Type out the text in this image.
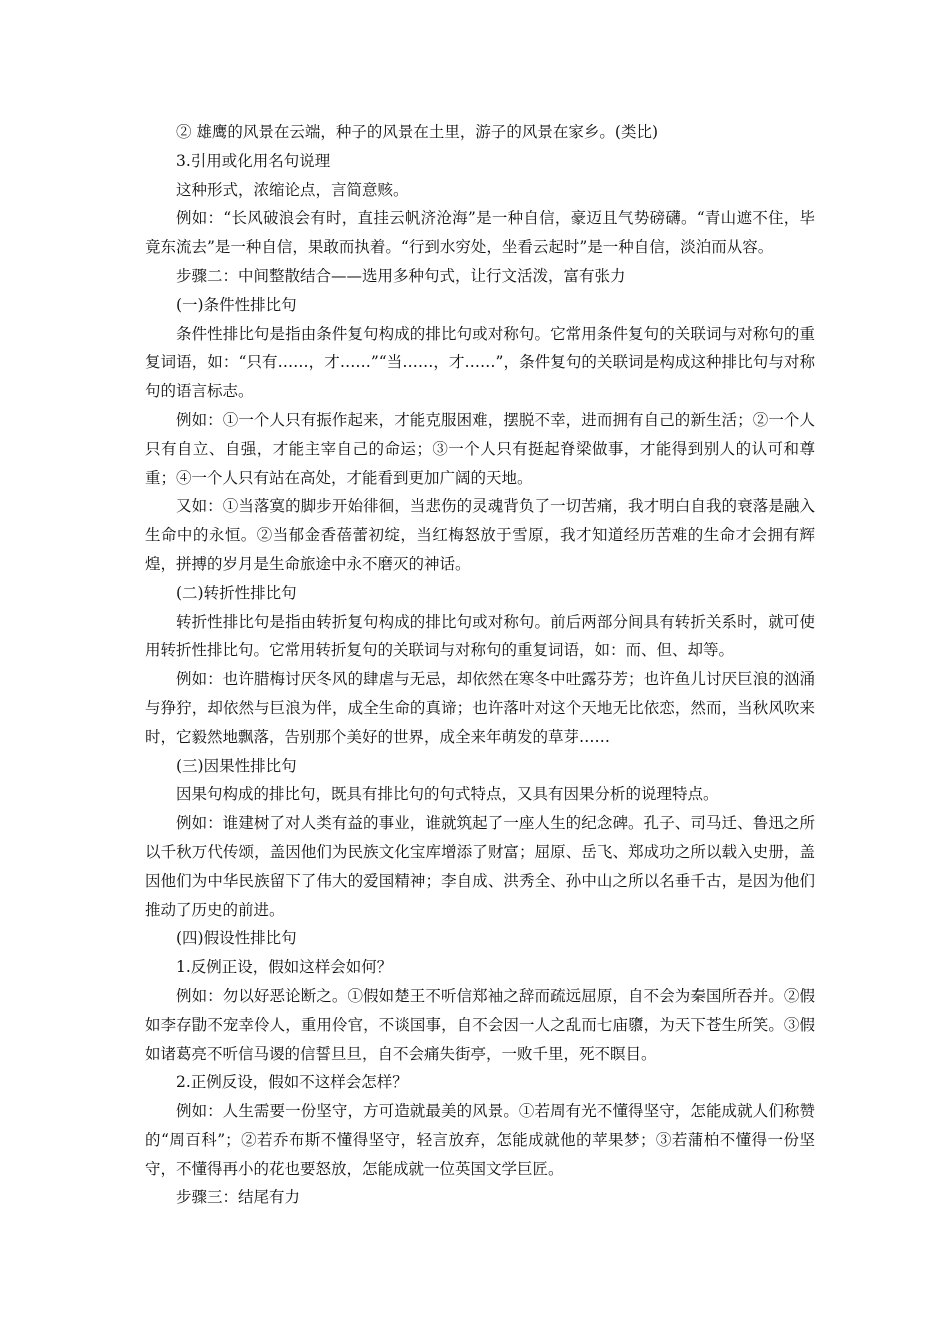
② 雄鹰的风景在云端，种子的风景在土里，游子的风景在家乡。(类比)

3.引用或化用名句说理

这种形式，浓缩论点，言简意赅。

例如：“长风破浪会有时，直挂云帆济沧海”是一种自信，豪迈且气势磅礴。“青山遮不住，毕竟东流去”是一种自信，果敢而执着。“行到水穷处，坐看云起时”是一种自信，淡泊而从容。

步骤二：中间整散结合——选用多种句式，让行文活泼，富有张力

(一)条件性排比句

条件性排比句是指由条件复句构成的排比句或对称句。它常用条件复句的关联词与对称句的重复词语，如：“只有……，才……”“当……，才……”，条件复句的关联词是构成这种排比句与对称句的语言标志。

例如：①一个人只有振作起来，才能克服困难，摆脱不幸，进而拥有自己的新生活；②一个人只有自立、自强，才能主宰自己的命运；③一个人只有挺起脊梁做事，才能得到别人的认可和尊重；④一个人只有站在高处，才能看到更加广阔的天地。

又如：①当落寞的脚步开始徘徊，当悲伤的灵魂背负了一切苦痛，我才明白自我的衰落是融入生命中的永恒。②当郁金香蓓蕾初绽，当红梅怒放于雪原，我才知道经历苦难的生命才会拥有辉煌，拼搏的岁月是生命旅途中永不磨灭的神话。

(二)转折性排比句

转折性排比句是指由转折复句构成的排比句或对称句。前后两部分间具有转折关系时，就可使用转折性排比句。它常用转折复句的关联词与对称句的重复词语，如：而、但、却等。

例如：也许腊梅讨厌冬风的肆虐与无忌，却依然在寒冬中吐露芬芳；也许鱼儿讨厌巨浪的汹涌与狰狞，却依然与巨浪为伴，成全生命的真谛；也许落叶对这个天地无比依恋，然而，当秋风吹来时，它毅然地飘落，告别那个美好的世界，成全来年萌发的草芽……

(三)因果性排比句

因果句构成的排比句，既具有排比句的句式特点，又具有因果分析的说理特点。

例如：谁建树了对人类有益的事业，谁就筑起了一座人生的纪念碑。孔子、司马迁、鲁迅之所以千秋万代传颂，盖因他们为民族文化宝库增添了财富；屈原、岳飞、郑成功之所以载入史册，盖因他们为中华民族留下了伟大的爱国精神；李自成、洪秀全、孙中山之所以名垂千古，是因为他们推动了历史的前进。

(四)假设性排比句

1.反例正设，假如这样会如何？

例如：勿以好恶论断之。①假如楚王不听信郑袖之辞而疏远屈原，自不会为秦国所吞并。②假如李存勖不宠幸伶人，重用伶官，不谈国事，自不会因一人之乱而七庙隳，为天下苍生所笑。③假如诸葛亮不听信马谡的信誓旦旦，自不会痛失街亭，一败千里，死不瞑目。

2.正例反设，假如不这样会怎样？

例如：人生需要一份坚守，方可造就最美的风景。①若周有光不懂得坚守，怎能成就人们称赞的“周百科”；②若乔布斯不懂得坚守，轻言放弃，怎能成就他的苹果梦；③若蒲柏不懂得一份坚守，不懂得再小的花也要怒放，怎能成就一位英国文学巨匠。

步骤三：结尾有力
